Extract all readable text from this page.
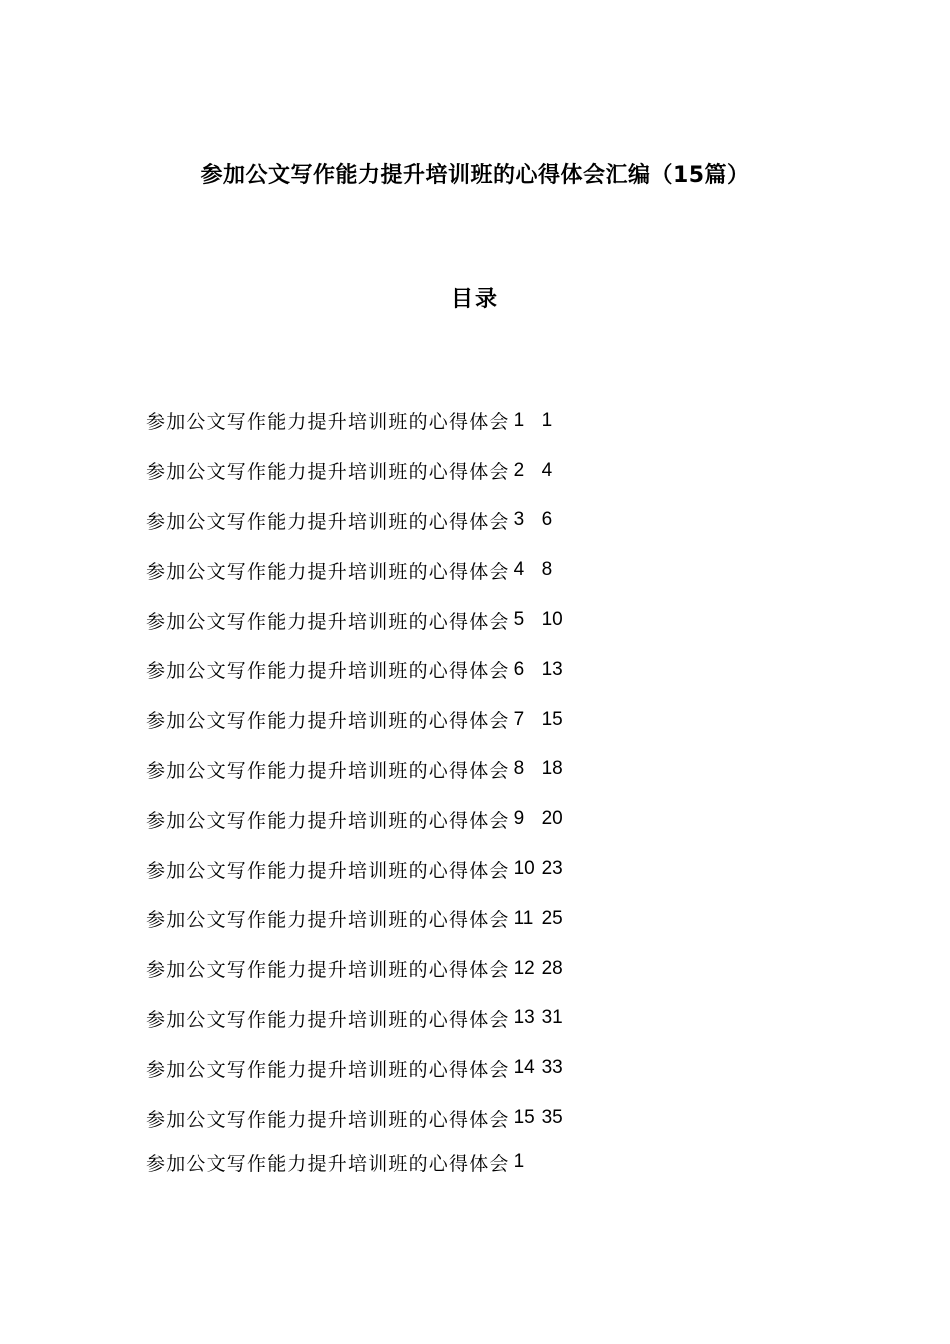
参加公文写作能力提升培训班的心得体会汇编（15篇）
目录
参加公文写作能力提升培训班的心得体会 1 1
参加公文写作能力提升培训班的心得体会 2 4
参加公文写作能力提升培训班的心得体会 3 6
参加公文写作能力提升培训班的心得体会 4 8
参加公文写作能力提升培训班的心得体会 5 10
参加公文写作能力提升培训班的心得体会 6 13
参加公文写作能力提升培训班的心得体会 7 15
参加公文写作能力提升培训班的心得体会 8 18
参加公文写作能力提升培训班的心得体会 9 20
参加公文写作能力提升培训班的心得体会 10 23
参加公文写作能力提升培训班的心得体会 11 25
参加公文写作能力提升培训班的心得体会 12 28
参加公文写作能力提升培训班的心得体会 13 31
参加公文写作能力提升培训班的心得体会 14 33
参加公文写作能力提升培训班的心得体会 15 35
参加公文写作能力提升培训班的心得体会 1
